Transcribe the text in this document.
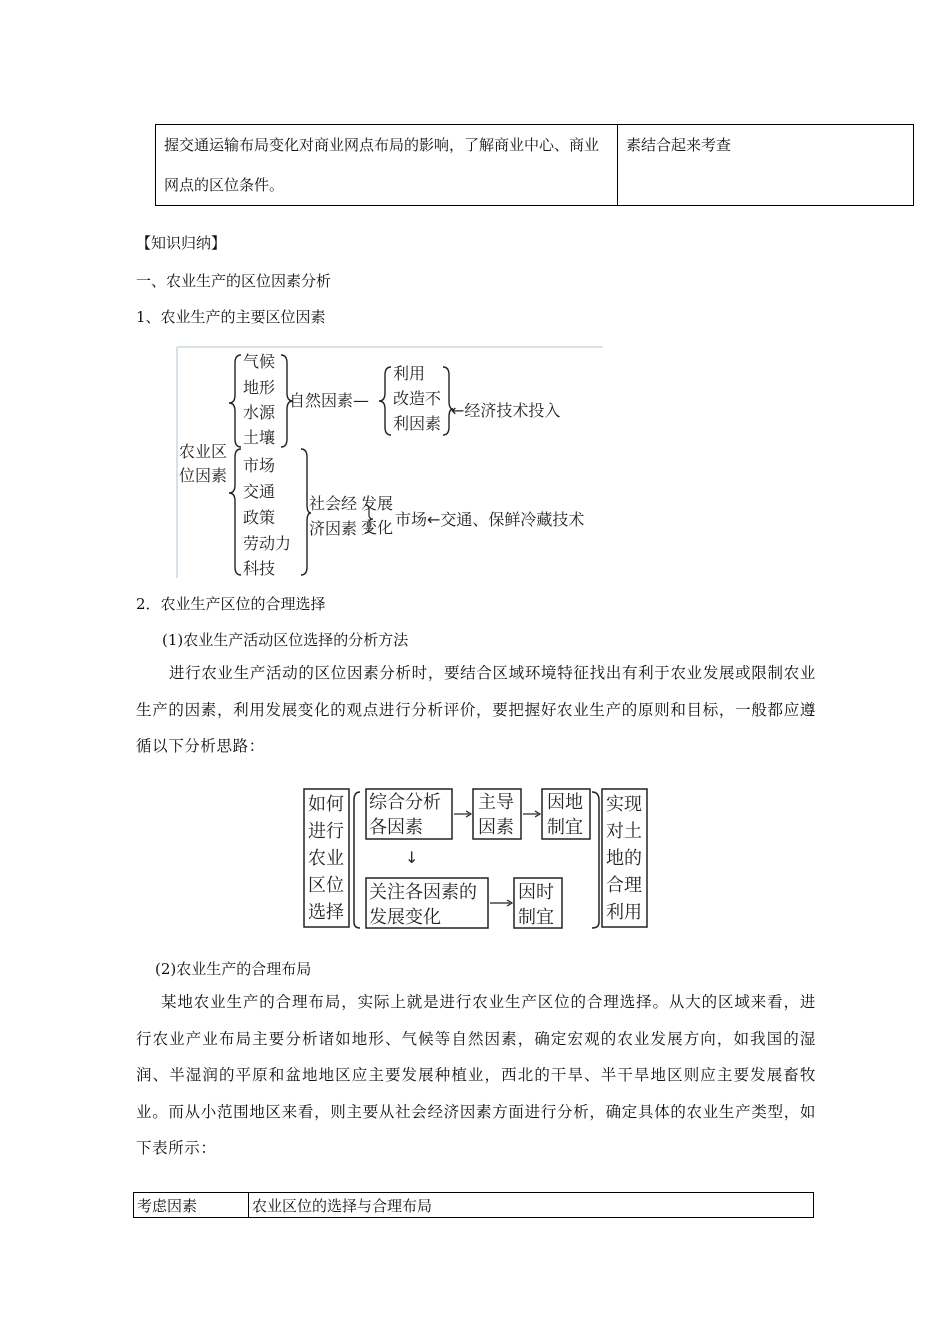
握交通运输布局变化对商业网点布局的影响，了解商业中心、商业网点的区位条件。	素结合起来考查
【知识归纳】
一、农业生产的区位因素分析
1、农业生产的主要区位因素
农业区
位因素
气候
地形
水源
土壤
自然因素—
利用
改造不
利因素
←经济技术投入
市场
交通
政策
劳动力
科技
社会经
济因素
发展
变化 市场←交通、保鲜冷藏技术
2．农业生产区位的合理选择
(1)农业生产活动区位选择的分析方法
进行农业生产活动的区位因素分析时，要结合区域环境特征找出有利于农业发展或限制农业生产的因素，利用发展变化的观点进行分析评价，要把握好农业生产的原则和目标，一般都应遵循以下分析思路：
如何
进行
农业
区位
选择
综合分析
各因素
主导
因素
因地
制宜
↓
关注各因素的
发展变化
因时
制宜
实现
对土
地的
合理
利用
(2)农业生产的合理布局
某地农业生产的合理布局，实际上就是进行农业生产区位的合理选择。从大的区域来看，进行农业产业布局主要分析诸如地形、气候等自然因素，确定宏观的农业发展方向，如我国的湿润、半湿润的平原和盆地地区应主要发展种植业，西北的干旱、半干旱地区则应主要发展畜牧业。而从小范围地区来看，则主要从社会经济因素方面进行分析，确定具体的农业生产类型，如下表所示：
考虑因素	农业区位的选择与合理布局
